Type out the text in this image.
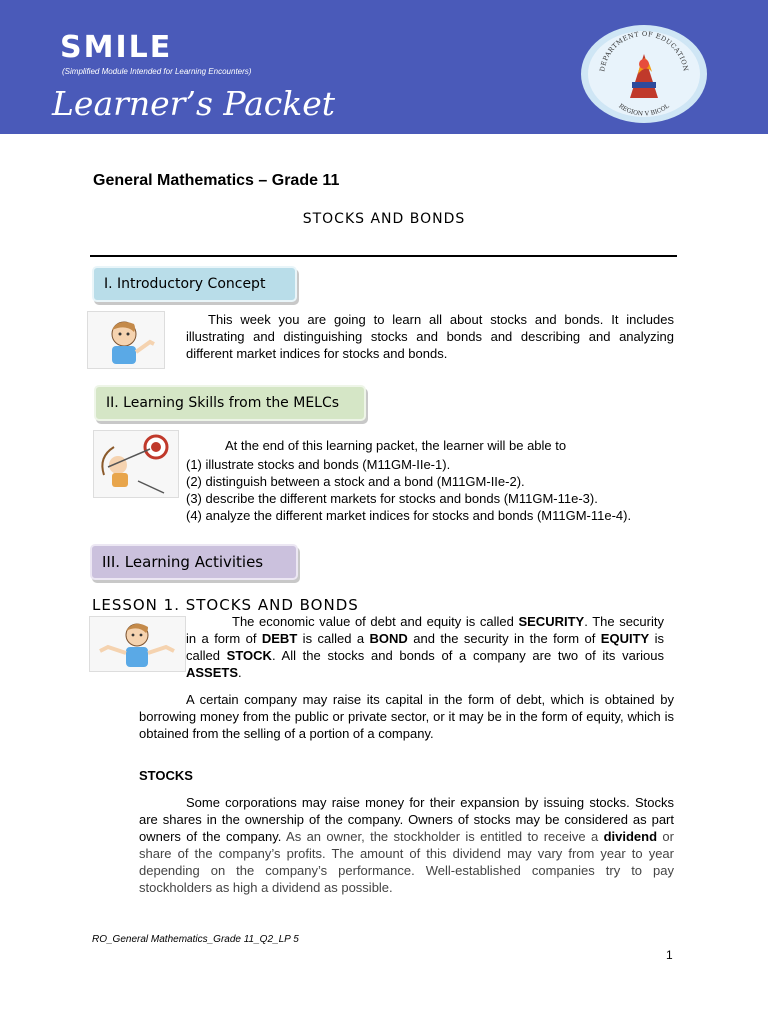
SMILE
(Simplified Module Intended for Learning Encounters)
Learner’s Packet
DEPARTMENT OF EDUCATION
REGION V BICOL
General Mathematics – Grade 11
STOCKS AND BONDS
I. Introductory Concept
This week you are going to learn all about stocks and bonds. It includes illustrating and distinguishing stocks and bonds and describing and analyzing different market indices for stocks and bonds.
II. Learning Skills from the MELCs
At the end of this learning packet, the learner will be able to
(1) illustrate stocks and bonds (M11GM-IIe-1).
(2) distinguish between a stock and a bond (M11GM-IIe-2).
(3) describe the different markets for stocks and bonds (M11GM-11e-3).
(4) analyze the different market indices for stocks and bonds (M11GM-11e-4).
III. Learning Activities
LESSON 1. STOCKS AND BONDS
The economic value of debt and equity is called SECURITY. The security in a form of DEBT is called a BOND and the security in the form of EQUITY is called STOCK. All the stocks and bonds of a company are two of its various ASSETS.
A certain company may raise its capital in the form of debt, which is obtained by borrowing money from the public or private sector, or it may be in the form of equity, which is obtained from the selling of a portion of a company.
STOCKS
Some corporations may raise money for their expansion by issuing stocks. Stocks are shares in the ownership of the company. Owners of stocks may be considered as part owners of the company. As an owner, the stockholder is entitled to receive a dividend or share of the company’s profits. The amount of this dividend may vary from year to year depending on the company’s performance. Well-established companies try to pay stockholders as high a dividend as possible.
RO_General Mathematics_Grade 11_Q2_LP 5
1
